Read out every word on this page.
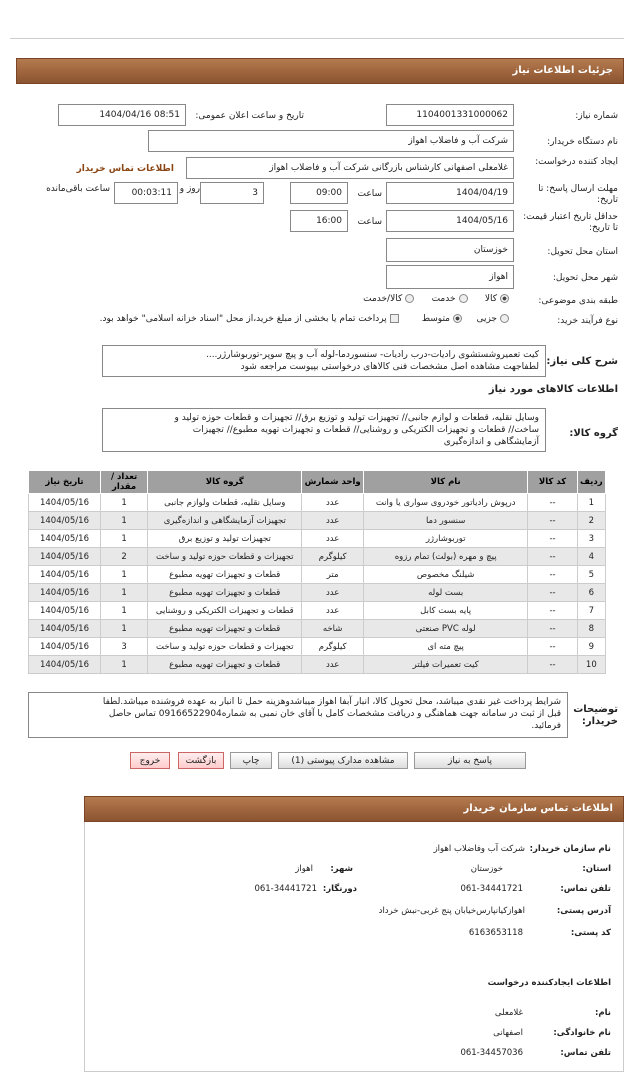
جزئیات اطلاعات نیاز
شماره نیاز:
1104001331000062
تاریخ و ساعت اعلان عمومی:
1404/04/16 08:51
نام دستگاه خریدار:
شرکت آب و فاضلاب اهواز
ایجاد کننده درخواست:
غلامعلی اصفهانی کارشناس بازرگانی شرکت آب و فاضلاب اهواز
اطلاعات تماس خریدار
مهلت ارسال پاسخ: تا تاریخ:
1404/04/19
ساعت
09:00
3
روز و
00:03:11
ساعت باقی‌مانده
حداقل تاریخ اعتبار قیمت: تا تاریخ:
1404/05/16
ساعت
16:00
استان محل تحویل:
خوزستان
شهر محل تحویل:
اهواز
طبقه بندی موضوعی:
کالا     خدمت     کالا/خدمت
نوع فرآیند خرید:
جزیی    متوسط       پرداخت تمام یا بخشی از مبلغ خرید،از محل "اسناد خزانه اسلامی" خواهد بود.
شرح کلی نیاز:
کیت تعمیروشستشوی رادیات-درب رادیات- سنسوردما-لوله آب و پیچ سوپر-توربوشارژر....
لطفاجهت مشاهده اصل مشخصات فنی کالاهای درخواستی بپیوست مراجعه شود
اطلاعات کالاهای مورد نیاز
گروه کالا:
وسایل نقلیه، قطعات و لوازم جانبی// تجهیزات تولید و توزیع برق// تجهیزات و قطعات حوزه تولید و
ساخت// قطعات و تجهیزات الکتریکی و روشنایی// قطعات و تجهیزات تهویه مطبوع// تجهیزات
آزمایشگاهی و اندازه‌گیری
ردیف	کد کالا	نام کالا	واحد شمارش	گروه کالا	تعداد / مقدار	تاریخ نیاز
1	--	درپوش رادیاتور خودروی سواری یا وانت	عدد	وسایل نقلیه، قطعات ولوازم جانبی	1	1404/05/16
2	--	سنسور دما	عدد	تجهیزات آزمایشگاهی و اندازه‌گیری	1	1404/05/16
3	--	توربوشارژر	عدد	تجهیزات تولید و توزیع برق	1	1404/05/16
4	--	پیچ و مهره (بولت) تمام رزوه	کیلوگرم	تجهیزات و قطعات حوزه تولید و ساخت	2	1404/05/16
5	--	شیلنگ مخصوص	متر	قطعات و تجهیزات تهویه مطبوع	1	1404/05/16
6	--	بست لوله	عدد	قطعات و تجهیزات تهویه مطبوع	1	1404/05/16
7	--	پایه بست کابل	عدد	قطعات و تجهیزات الکتریکی و روشنایی	1	1404/05/16
8	--	لوله PVC صنعتی	شاخه	قطعات و تجهیزات تهویه مطبوع	1	1404/05/16
9	--	پیچ مته ای	کیلوگرم	تجهیزات و قطعات حوزه تولید و ساخت	3	1404/05/16
10	--	کیت تعمیرات فیلتر	عدد	قطعات و تجهیزات تهویه مطبوع	1	1404/05/16
توضیحات خریدار:
شرایط پرداخت غیر نقدی میباشد، محل تحویل کالا، انبار آبفا اهواز میباشدوهزینه حمل تا انبار به عهده فروشنده میباشد.لطفا
قبل از ثبت در سامانه جهت هماهنگی و دریافت مشخصات کامل با آقای خان نمبی به شماره09166522904 تماس حاصل
فرمائید.
پاسخ به نیاز
مشاهده مدارک پیوستی (1)
چاپ
بازگشت
خروج
اطلاعات تماس سازمان خریدار
نام سازمان خریدار:
شرکت آب وفاضلاب اهواز
استان:
خوزستان
شهر:
اهواز
تلفن تماس:
061-34441721
دورنگار:
061-34441721
آدرس پستی:
اهوازکیانپارس‌خیابان پنج غربی-نبش خرداد
کد پستی:
6163653118
اطلاعات ایجادکننده درخواست
نام:
غلامعلی
نام خانوادگی:
اصفهانی
تلفن تماس:
061-34457036
